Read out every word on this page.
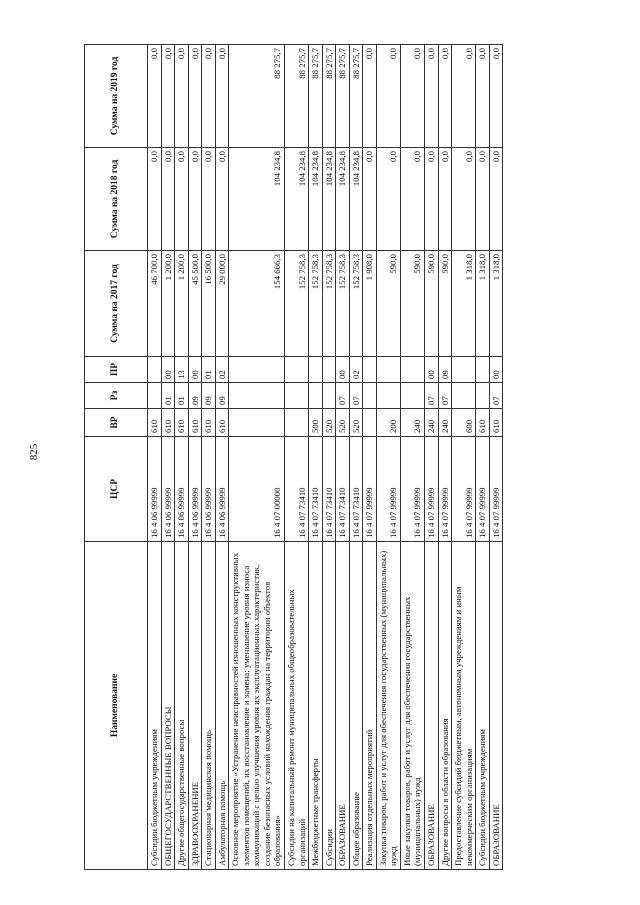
825
Наименование	ЦСР	ВР	Рз	ПР	Сумма на 2017 год	Сумма на 2018 год	Сумма на 2019 год
Субсидии бюджетным учреждениям	16 4 06 99999	610			46 700,0	0,0	0,0
ОБЩЕГОСУДАРСТВЕННЫЕ ВОПРОСЫ	16 4 06 99999	610	01	00	1 200,0	0,0	0,0
Другие общегосударственные вопросы	16 4 06 99999	610	01	13	1 200,0	0,0	0,0
ЗДРАВООХРАНЕНИЕ	16 4 06 99999	610	09	00	45 500,0	0,0	0,0
Стационарная медицинская помощь	16 4 06 99999	610	09	01	16 500,0	0,0	0,0
Амбулаторная помощь	16 4 06 99999	610	09	02	29 000,0	0,0	0,0
Основное мероприятие «Устранение неисправностей изношенных конструктивных элементов помещений, их восстановление и замена; уменьшение уровня износа коммуникаций с целью улучшения уровня их эксплуатационных характеристик, создание безопасных условий нахождения граждан на территории объектов образования»	16 4 07 00000				154 666,3	104 234,8	88 275,7
Субсидии на капитальный ремонт муниципальных общеобразовательных организаций	16 4 07 73410				152 758,3	104 234,8	88 275,7
Межбюджетные трансферты	16 4 07 73410	500			152 758,3	104 234,8	88 275,7
Субсидии	16 4 07 73410	520			152 758,3	104 234,8	88 275,7
ОБРАЗОВАНИЕ	16 4 07 73410	520	07	00	152 758,3	104 234,8	88 275,7
Общее образование	16 4 07 73410	520	07	02	152 758,3	104 234,8	88 275,7
Реализация отдельных мероприятий	16 4 07 99999				1 908,0	0,0	0,0
Закупка товаров, работ и услуг для обеспечения государственных (муниципальных) нужд	16 4 07 99999	200			590,0	0,0	0,0
Иные закупки товаров, работ и услуг для обеспечения государственных (муниципальных) нужд	16 4 07 99999	240			590,0	0,0	0,0
ОБРАЗОВАНИЕ	16 4 07 99999	240	07	00	590,0	0,0	0,0
Другие вопросы в области образования	16 4 07 99999	240	07	09	590,0	0,0	0,0
Предоставление субсидий бюджетным, автономным учреждениям и иным некоммерческим организациям	16 4 07 99999	600			1 318,0	0,0	0,0
Субсидии бюджетным учреждениям	16 4 07 99999	610			1 318,0	0,0	0,0
ОБРАЗОВАНИЕ	16 4 07 99999	610	07	00	1 318,0	0,0	0,0
